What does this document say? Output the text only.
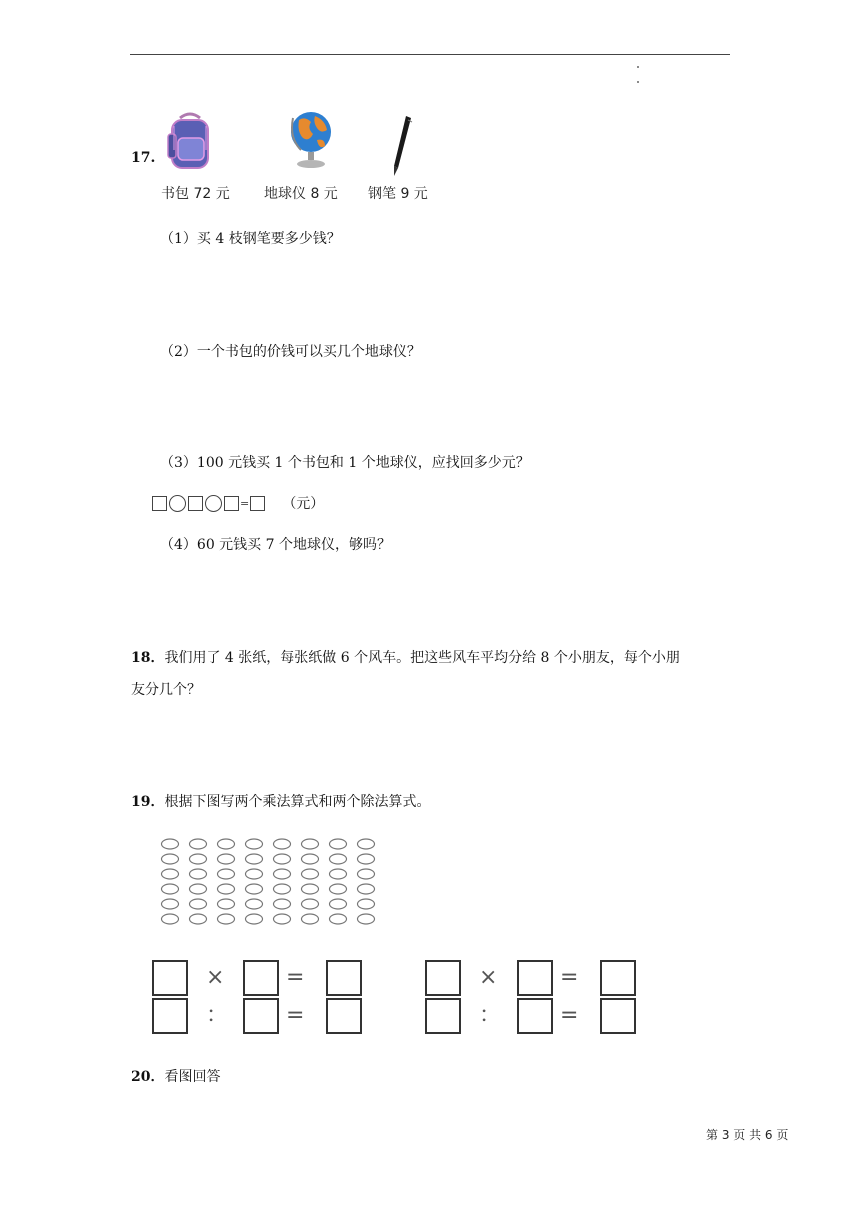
17.
书包 72 元 地球仪 8 元 钢笔 9 元
（1）买 4 枝钢笔要多少钱？
（2）一个书包的价钱可以买几个地球仪？
（3）100 元钱买 1 个书包和 1 个地球仪，应找回多少元？
= （元）
（4）60 元钱买 7 个地球仪，够吗？
18．我们用了 4 张纸，每张纸做 6 个风车。把这些风车平均分给 8 个小朋友，每个小朋
友分几个？
19．根据下图写两个乘法算式和两个除法算式。
×	=
：	=
×	=
：	=
20．看图回答
第 3 页 共 6 页
